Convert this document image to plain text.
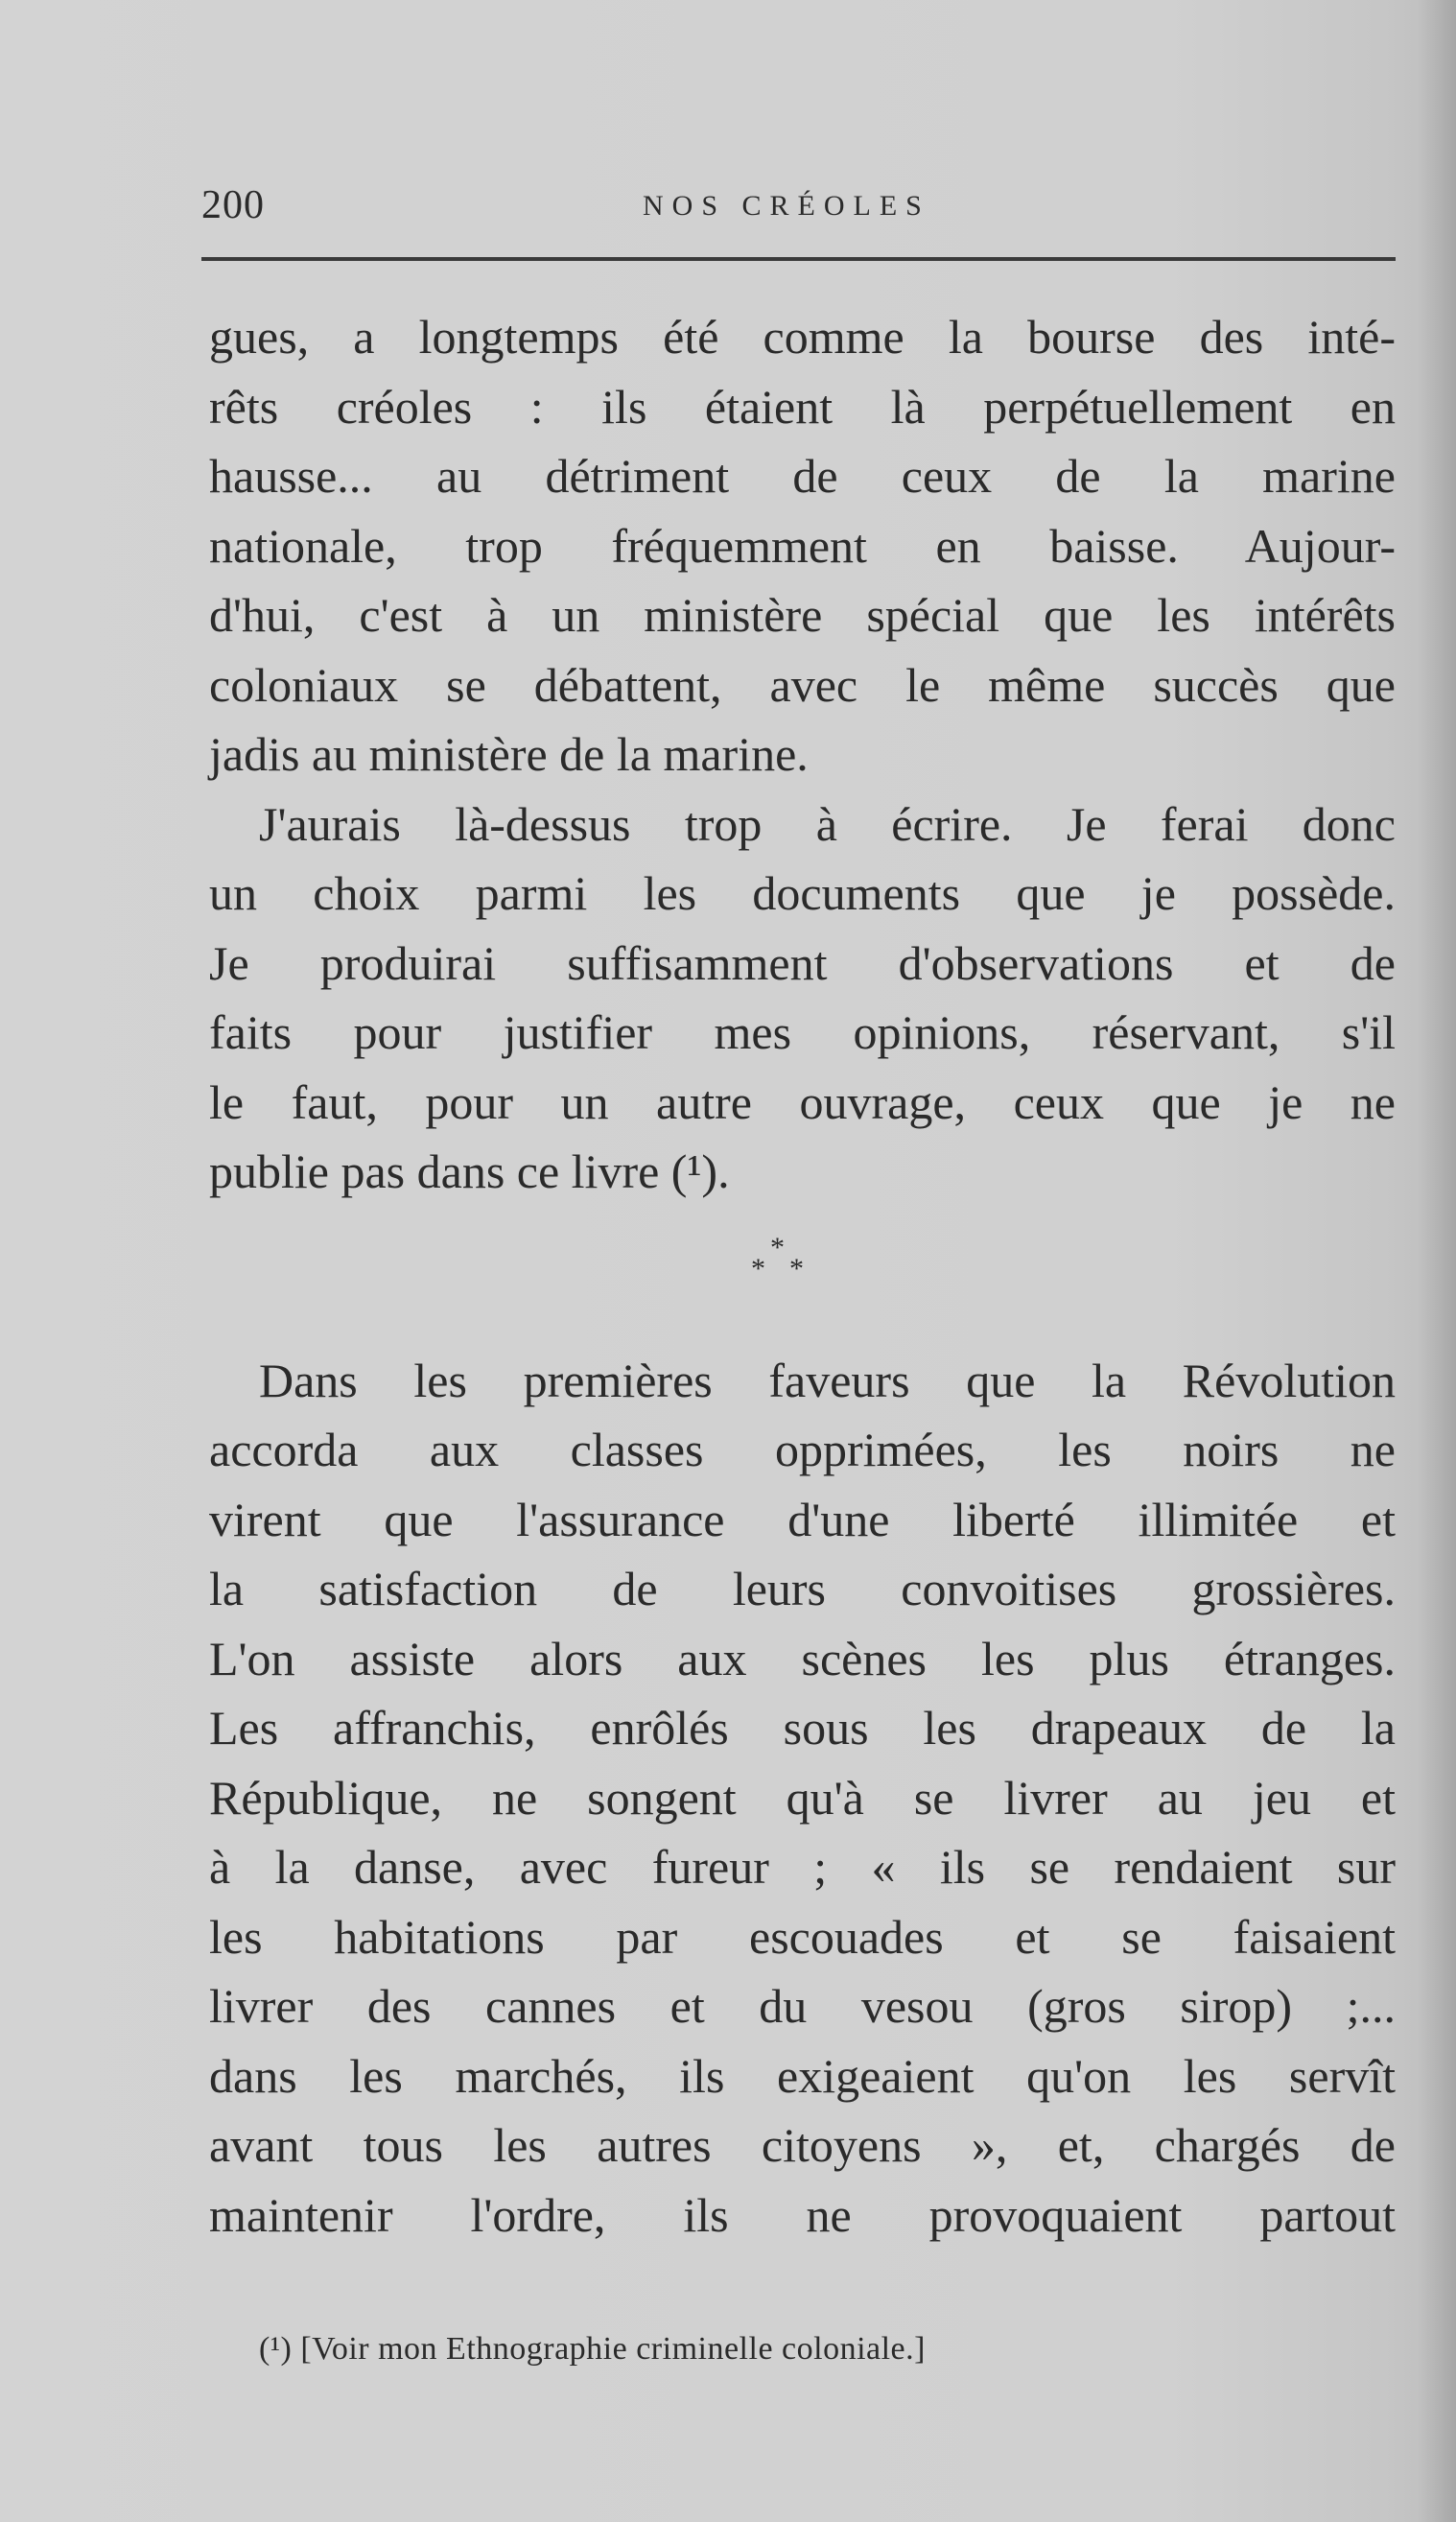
200	NOS CRÉOLES
gues, a longtemps été comme la bourse des inté-
rêts créoles : ils étaient là perpétuellement en
hausse... au détriment de ceux de la marine
nationale, trop fréquemment en baisse. Aujour-
d'hui, c'est à un ministère spécial que les intérêts
coloniaux se débattent, avec le même succès que
jadis au ministère de la marine.
J'aurais là-dessus trop à écrire. Je ferai donc
un choix parmi les documents que je possède.
Je produirai suffisamment d'observations et de
faits pour justifier mes opinions, réservant, s'il
le faut, pour un autre ouvrage, ceux que je ne
publie pas dans ce livre (¹).
*
* *
Dans les premières faveurs que la Révolution
accorda aux classes opprimées, les noirs ne
virent que l'assurance d'une liberté illimitée et
la satisfaction de leurs convoitises grossières.
L'on assiste alors aux scènes les plus étranges.
Les affranchis, enrôlés sous les drapeaux de la
République, ne songent qu'à se livrer au jeu et
à la danse, avec fureur ; « ils se rendaient sur
les habitations par escouades et se faisaient
livrer des cannes et du vesou (gros sirop) ;...
dans les marchés, ils exigeaient qu'on les servît
avant tous les autres citoyens », et, chargés de
maintenir l'ordre, ils ne provoquaient partout
(¹) [Voir mon Ethnographie criminelle coloniale.]
